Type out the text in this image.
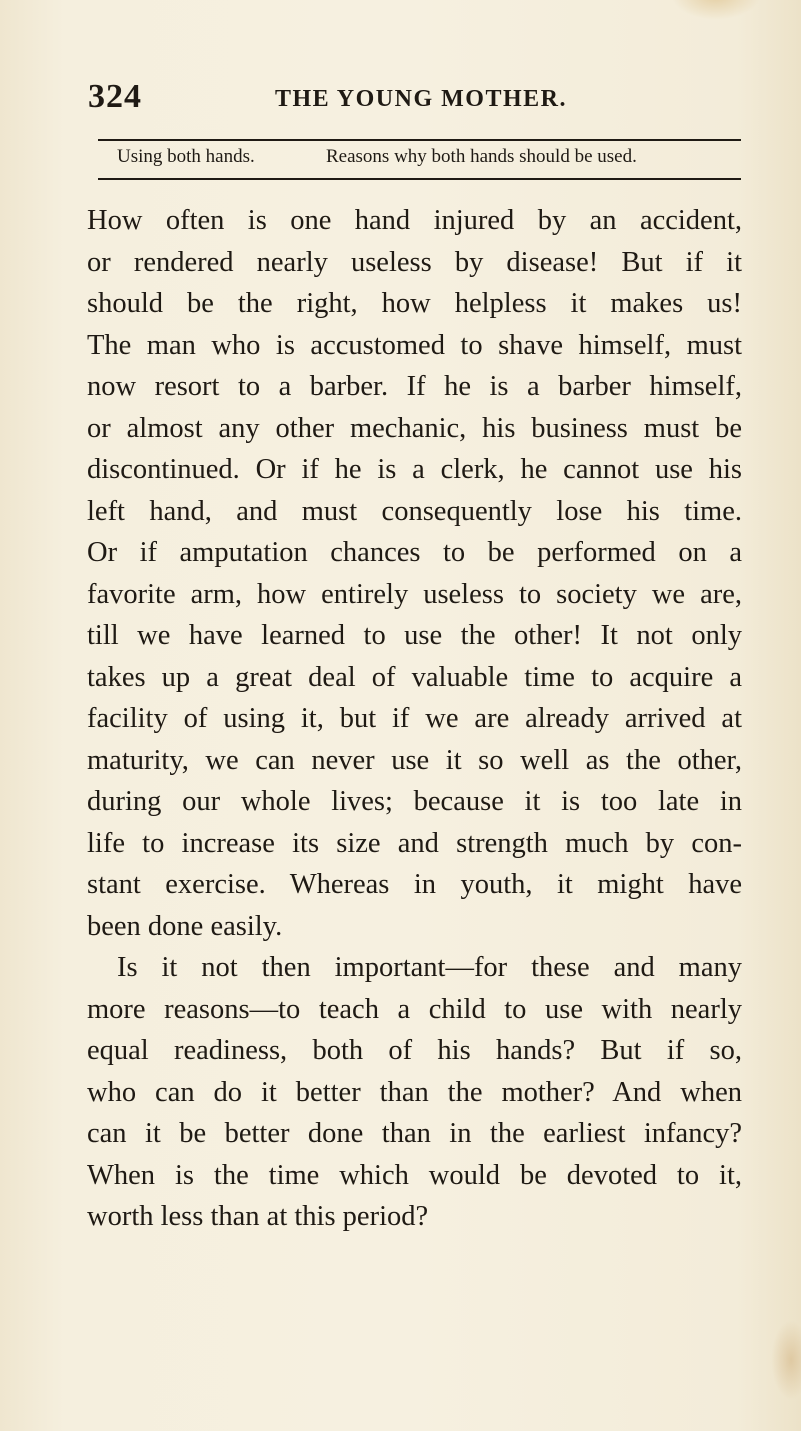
324	THE YOUNG MOTHER.
Using both hands.	Reasons why both hands should be used.
How often is one hand injured by an accident,
or rendered nearly useless by disease! But if it
should be the right, how helpless it makes us!
The man who is accustomed to shave himself, must
now resort to a barber. If he is a barber himself,
or almost any other mechanic, his business must be
discontinued. Or if he is a clerk, he cannot use his
left hand, and must consequently lose his time.
Or if amputation chances to be performed on a
favorite arm, how entirely useless to society we are,
till we have learned to use the other! It not only
takes up a great deal of valuable time to acquire a
facility of using it, but if we are already arrived at
maturity, we can never use it so well as the other,
during our whole lives; because it is too late in
life to increase its size and strength much by con-
stant exercise. Whereas in youth, it might have
been done easily.
Is it not then important—for these and many
more reasons—to teach a child to use with nearly
equal readiness, both of his hands? But if so,
who can do it better than the mother? And when
can it be better done than in the earliest infancy?
When is the time which would be devoted to it,
worth less than at this period?
